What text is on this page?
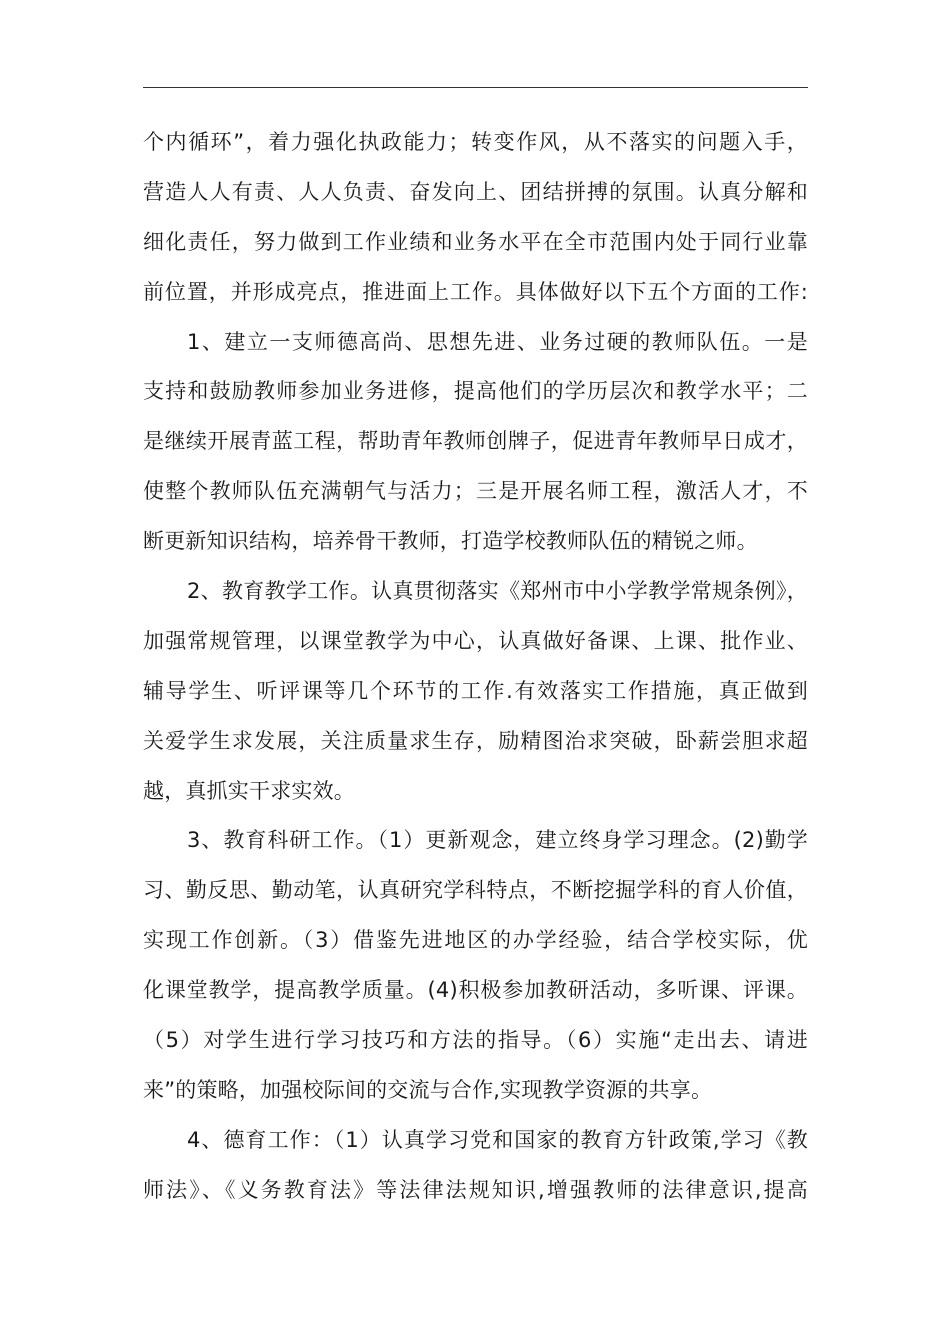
个内循环”，着力强化执政能力；转变作风，从不落实的问题入手，
营造人人有责、人人负责、奋发向上、团结拼搏的氛围。认真分解和
细化责任，努力做到工作业绩和业务水平在全市范围内处于同行业靠
前位置，并形成亮点，推进面上工作。具体做好以下五个方面的工作:
1、建立一支师德高尚、思想先进、业务过硬的教师队伍。一是
支持和鼓励教师参加业务进修，提高他们的学历层次和教学水平；二
是继续开展青蓝工程，帮助青年教师创牌子，促进青年教师早日成才，
使整个教师队伍充满朝气与活力；三是开展名师工程，激活人才，不
断更新知识结构，培养骨干教师，打造学校教师队伍的精锐之师。
2、教育教学工作。认真贯彻落实《郑州市中小学教学常规条例》，
加强常规管理，以课堂教学为中心，认真做好备课、上课、批作业、
辅导学生、听评课等几个环节的工作.有效落实工作措施，真正做到
关爱学生求发展，关注质量求生存，励精图治求突破，卧薪尝胆求超
越，真抓实干求实效。
3、教育科研工作。（1）更新观念，建立终身学习理念。(2)勤学
习、勤反思、勤动笔，认真研究学科特点，不断挖掘学科的育人价值，
实现工作创新。（3）借鉴先进地区的办学经验，结合学校实际，优
化课堂教学，提高教学质量。(4)积极参加教研活动，多听课、评课。
（5）对学生进行学习技巧和方法的指导。（6）实施“走出去、请进
来”的策略，加强校际间的交流与合作,实现教学资源的共享。
4、德育工作：（1）认真学习党和国家的教育方针政策,学习《教
师法》、《义务教育法》等法律法规知识,增强教师的法律意识,提高
